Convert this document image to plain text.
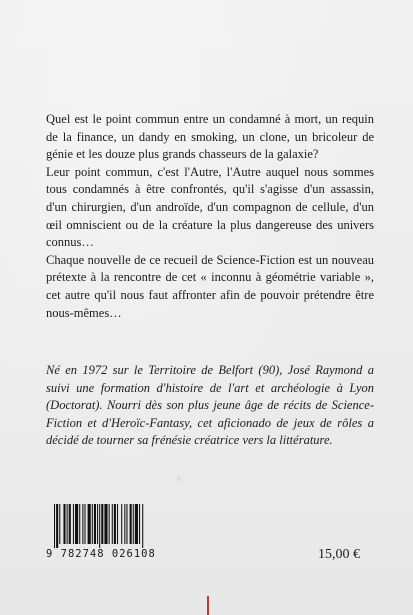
Quel est le point commun entre un condamné à mort, un requin de la finance, un dandy en smoking, un clone, un bricoleur de génie et les douze plus grands chasseurs de la galaxie?

Leur point commun, c'est l'Autre, l'Autre auquel nous sommes tous condamnés à être confrontés, qu'il s'agisse d'un assassin, d'un chirurgien, d'un androïde, d'un compagnon de cellule, d'un œil omniscient ou de la créature la plus dangereuse des univers connus…

Chaque nouvelle de ce recueil de Science-Fiction est un nouveau prétexte à la rencontre de cet « inconnu à géométrie variable », cet autre qu'il nous faut affronter afin de pouvoir prétendre être nous-mêmes…

Né en 1972 sur le Territoire de Belfort (90), José Raymond a suivi une formation d'histoire de l'art et archéologie à Lyon (Doctorat). Nourri dès son plus jeune âge de récits de Science-Fiction et d'Heroïc-Fantasy, cet aficionado de jeux de rôles a décidé de tourner sa frénésie créatrice vers la littérature.

✳
9 782748 026108	15,00 €
